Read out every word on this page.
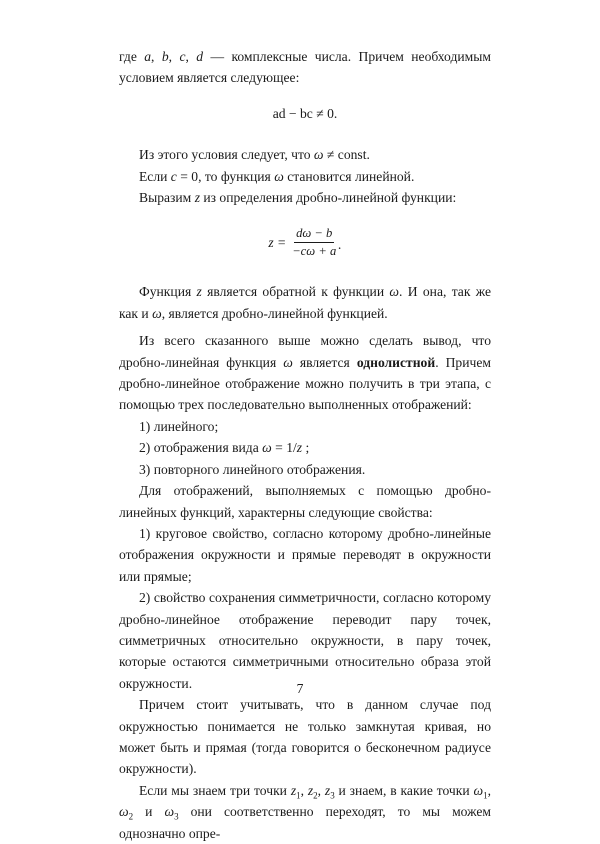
где a, b, c, d — комплексные числа. Причем необходимым условием является следующее:

ad − bc ≠ 0.

Из этого условия следует, что ω ≠ const.

Если c = 0, то функция ω становится линейной.

Выразим z из определения дробно-линейной функции:

$z = \frac{d\omega - b}{-c\omega + a}$ .

Функция z является обратной к функции ω. И она, так же как и ω, является дробно-линейной функцией.

Из всего сказанного выше можно сделать вывод, что дробно-линейная функция ω является однолистной. Причем дробно-линейное отображение можно получить в три этапа, с помощью трех последовательно выполненных отображений:

1) линейного;

2) отображения вида ω = 1/z ;

3) повторного линейного отображения.

Для отображений, выполняемых с помощью дробно-линейных функций, характерны следующие свойства:

1) круговое свойство, согласно которому дробно-линейные отображения окружности и прямые переводят в окружности или прямые;

2) свойство сохранения симметричности, согласно которому дробно-линейное отображение переводит пару точек, симметричных относительно окружности, в пару точек, которые остаются симметричными относительно образа этой окружности.

Причем стоит учитывать, что в данном случае под окружностью понимается не только замкнутая кривая, но может быть и прямая (тогда говорится о бесконечном радиусе окружности).

Если мы знаем три точки $z_1$, $z_2$, $z_3$ и знаем, в какие точки $\omega_1$, $\omega_2$ и $\omega_3$ они соответственно переходят, то мы можем однозначно опре-

7
